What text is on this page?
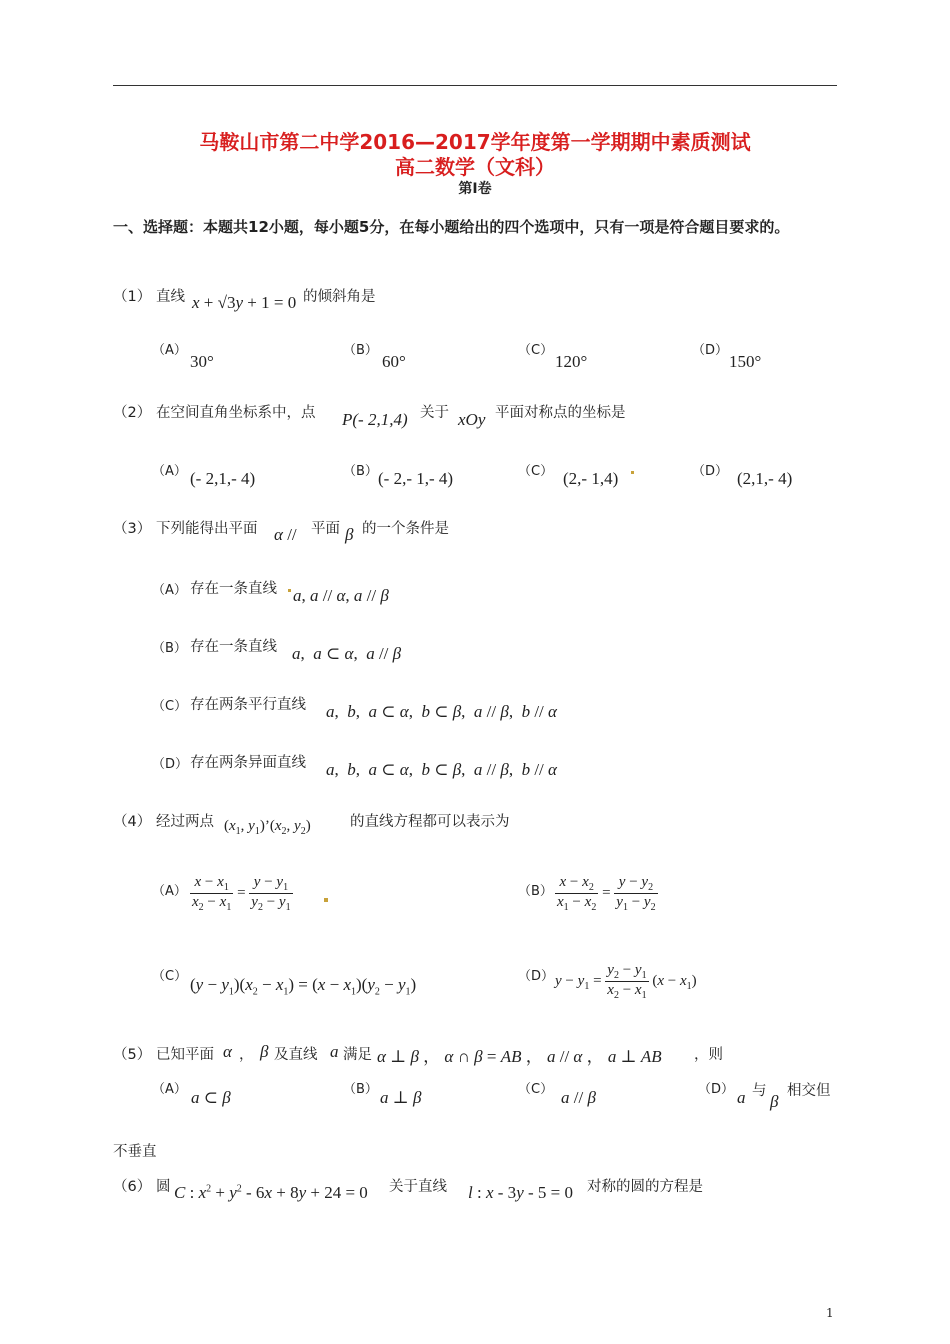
马鞍山市第二中学2016—2017学年度第一学期期中素质测试
高二数学（文科）
第Ⅰ卷
一、选择题：本题共12小题，每小题5分，在每小题给出的四个选项中，只有一项是符合题目要求的。
（1） 直线 x + √3y + 1 = 0 的倾斜角是
（A）
30°
（B）
60°
（C）
120°
（D）
150°
（2） 在空间直角坐标系中，点 P(- 2,1,4) 关于 xOy 平面对称点的坐标是
（A） (- 2,1,- 4)	（B） (- 2,- 1,- 4)	（C） (2,- 1,4)	（D） (2,1,- 4)
（3） 下列能得出平面 α // 平面 β 的一个条件是
（A） 存在一条直线 a, a // α, a // β
（B） 存在一条直线 a,  a ⊂ α,  a // β
（C） 存在两条平行直线 a,  b,  a ⊂ α,  b ⊂ β,  a // β,  b // α
（D） 存在两条异面直线 a,  b,  a ⊂ α,  b ⊂ β,  a // β,  b // α
（4） 经过两点 ($x_1$, $y_1)’(x_2$, $y_2$)	的直线方程都可以表示为
$(A) \frac{x - x_1}{x_2 - x_1} = \frac{y - y_1}{y_2 - y_1}$	$(B) \frac{x - x_2}{x_1 - x_2} = \frac{y - y_2}{y_1 - y_2}$
（C） $(y - y_1)(x_2 - x_1) = (x - x_1)(y_2 - y_1)$	（D） $y - y_1 = \frac{y_2 - y_1}{x_2 - x_1} (x - x_1)$
（5） 已知平面 α ， β 及直线 a 满足 α ⊥ β ， α ∩ β = AB ， a // α ， a ⊥ AB ，则
（A） a ⊂ β	（B） a ⊥ β	（C） a // β	（D） a 与
β
相交但
不垂直
（6） 圆 C : $x^2 + y^2 - 6x + 8y + 24 = 0$ 关于直线 l : x - 3y - 5 = 0 对称的圆的方程是
1
